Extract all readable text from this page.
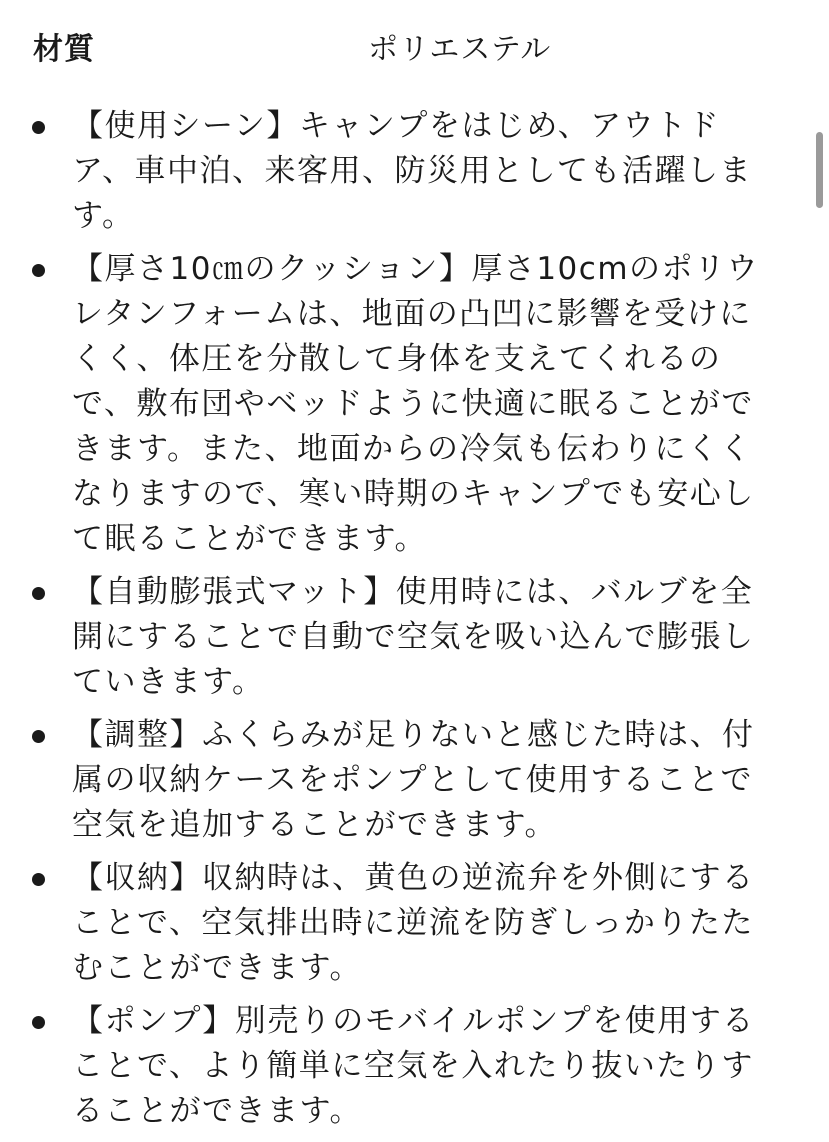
材質	ポリエステル
【使用シーン】キャンプをはじめ、アウトドア、車中泊、来客用、防災用としても活躍します。
【厚さ10㎝のクッション】厚さ10cmのポリウレタンフォームは、地面の凸凹に影響を受けにくく、体圧を分散して身体を支えてくれるので、敷布団やベッドように快適に眠ることができます。また、地面からの冷気も伝わりにくくなりますので、寒い時期のキャンプでも安心して眠ることができます。
【自動膨張式マット】使用時には、バルブを全開にすることで自動で空気を吸い込んで膨張していきます。
【調整】ふくらみが足りないと感じた時は、付属の収納ケースをポンプとして使用することで空気を追加することができます。
【収納】収納時は、黄色の逆流弁を外側にすることで、空気排出時に逆流を防ぎしっかりたたむことができます。
【ポンプ】別売りのモバイルポンプを使用することで、より簡単に空気を入れたり抜いたりすることができます。
